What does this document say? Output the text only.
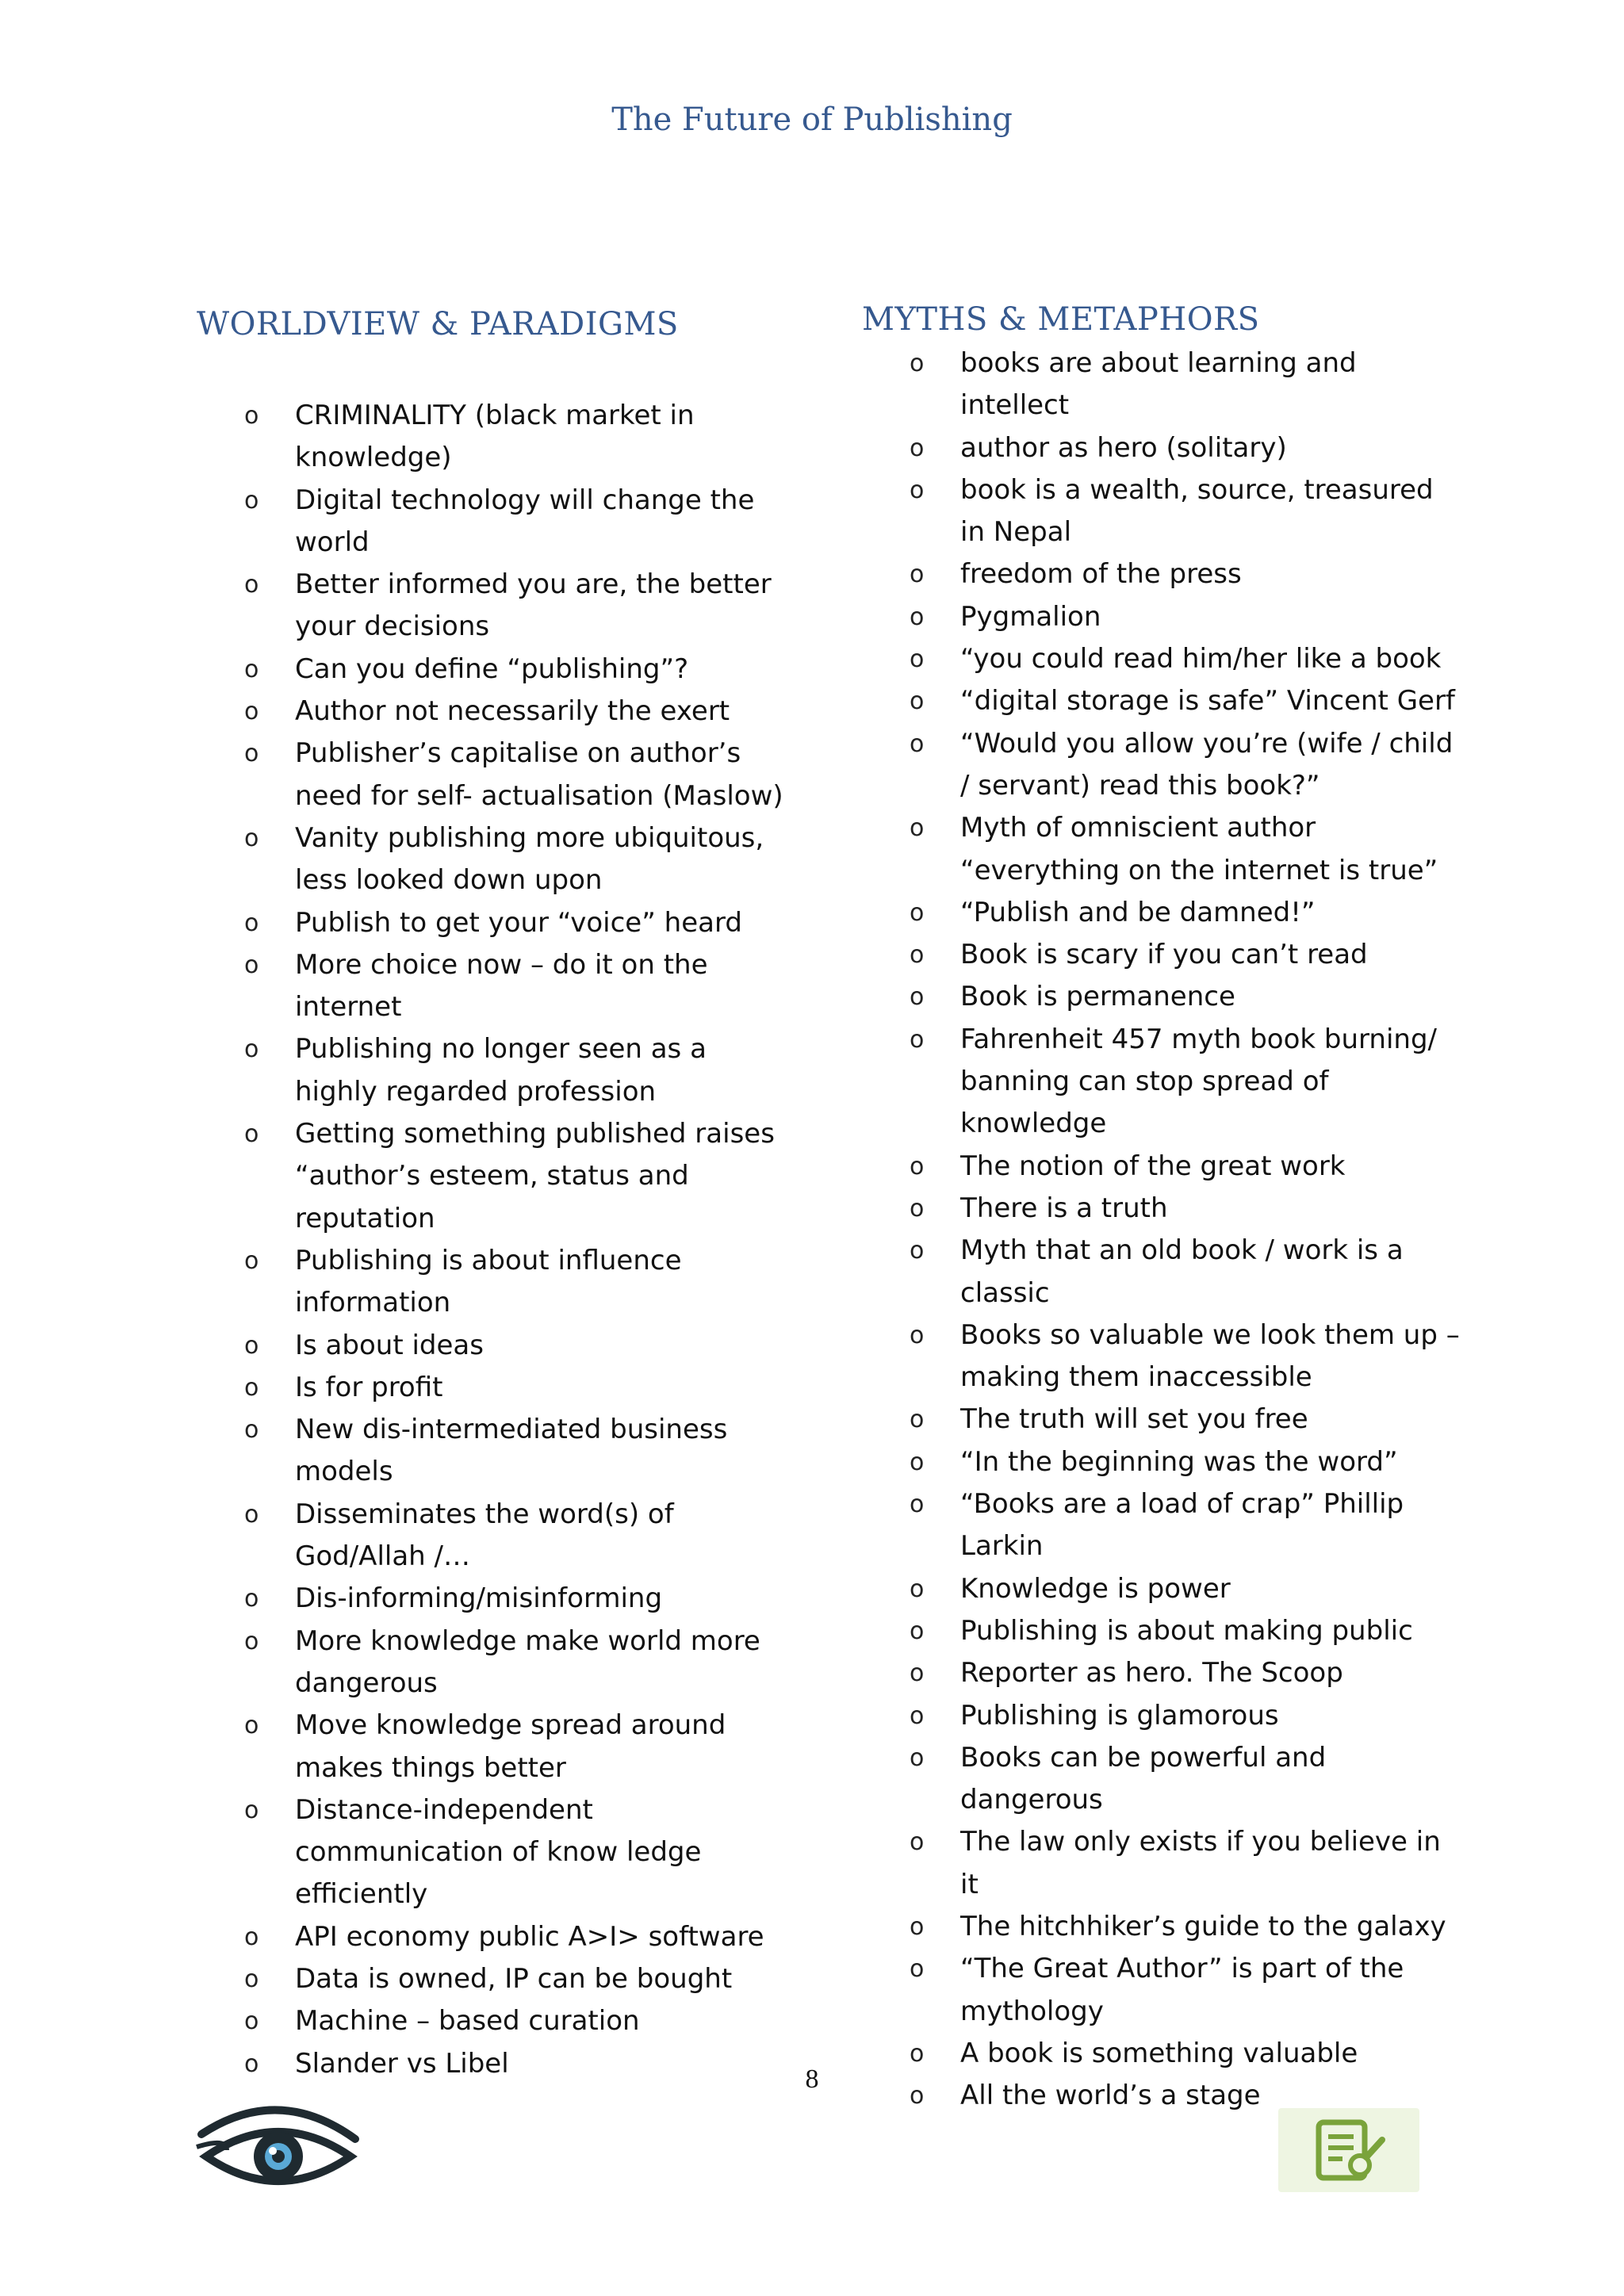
The Future of Publishing
WORLDVIEW & PARADIGMS
o CRIMINALITY (black market in knowledge)
o Digital technology will change the world
o Better informed you are, the better your decisions
o Can you define “publishing”?
o Author not necessarily the exert
o Publisher’s capitalise on author’s need for self- actualisation (Maslow)
o Vanity publishing more ubiquitous, less looked down upon
o Publish to get your “voice” heard
o More choice now – do it on the internet
o Publishing no longer seen as a highly regarded profession
o Getting something published raises “author’s esteem, status and reputation
o Publishing is about influence information
o Is about ideas
o Is for profit
o New dis-intermediated business models
o Disseminates the word(s) of God/Allah /…
o Dis-informing/misinforming
o More knowledge make world more dangerous
o Move knowledge spread around makes things better
o Distance-independent communication of know ledge efficiently
o API economy public A>I> software
o Data is owned, IP can be bought
o Machine – based curation
o Slander vs Libel
MYTHS & METAPHORS
o books are about learning and intellect
o author as hero (solitary)
o book is a wealth, source, treasured in Nepal
o freedom of the press
o Pygmalion
o “you could read him/her like a book
o “digital storage is safe” Vincent Gerf
o “Would you allow you’re (wife / child / servant) read this book?”
o Myth of omniscient author “everything on the internet is true”
o “Publish and be damned!”
o Book is scary if you can’t read
o Book is permanence
o Fahrenheit 457 myth book burning/ banning can stop spread of knowledge
o The notion of the great work
o There is a truth
o Myth that an old book / work is a classic
o Books so valuable we look them up – making them inaccessible
o The truth will set you free
o “In the beginning was the word”
o “Books are a load of crap” Phillip Larkin
o Knowledge is power
o Publishing is about making public
o Reporter as hero. The Scoop
o Publishing is glamorous
o Books can be powerful and dangerous
o The law only exists if you believe in it
o The hitchhiker’s guide to the galaxy
o “The Great Author” is part of the mythology
o A book is something valuable
o All the world’s a stage
8
